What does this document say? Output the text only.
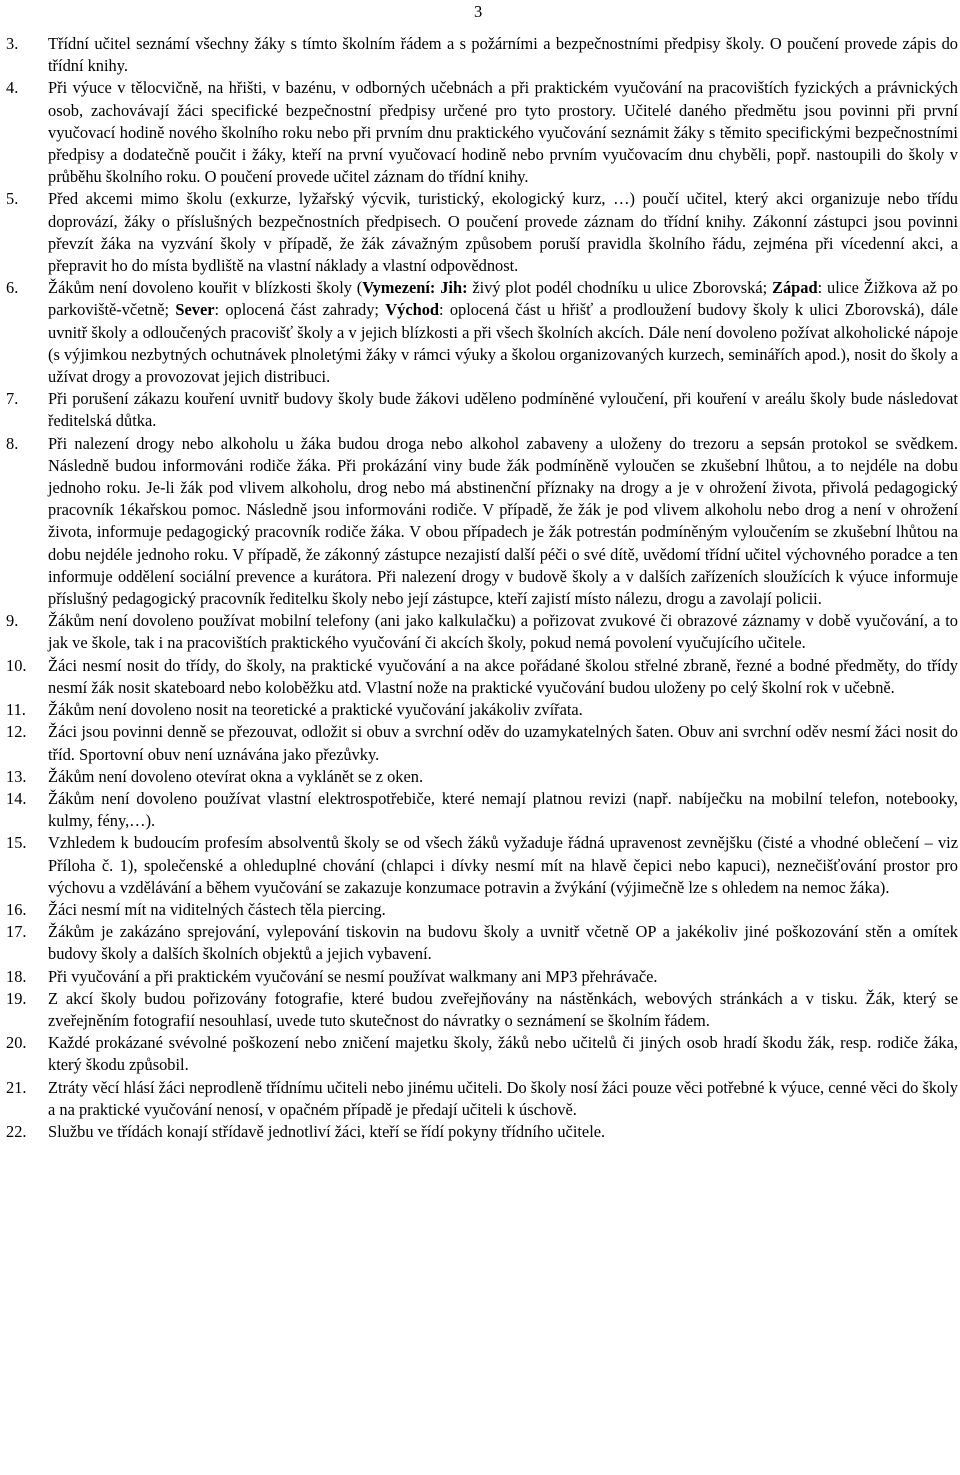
3
3.	Třídní učitel seznámí všechny žáky s tímto školním řádem a s požárními a bezpečnostními předpisy školy. O poučení provede zápis do třídní knihy.
4.	Při výuce v tělocvičně, na hřišti, v bazénu, v odborných učebnách a při praktickém vyučování na pracovištích fyzických a právnických osob, zachovávají žáci specifické bezpečnostní předpisy určené pro tyto prostory. Učitelé daného předmětu jsou povinni při první vyučovací hodině nového školního roku nebo při prvním dnu praktického vyučování seznámit žáky s těmito specifickými bezpečnostními předpisy a dodatečně poučit i žáky, kteří na první vyučovací hodině nebo prvním vyučovacím dnu chyběli, popř. nastoupili do školy v průběhu školního roku. O poučení provede učitel záznam do třídní knihy.
5.	Před akcemi mimo školu (exkurze, lyžařský výcvik, turistický, ekologický kurz, …) poučí učitel, který akci organizuje nebo třídu doprovází, žáky o příslušných bezpečnostních předpisech. O poučení provede záznam do třídní knihy. Zákonní zástupci jsou povinni převzít žáka na vyzvání školy v případě, že žák závažným způsobem poruší pravidla školního řádu, zejména při vícedenní akci, a přepravit ho do místa bydliště na vlastní náklady a vlastní odpovědnost.
6.	Žákům není dovoleno kouřit v blízkosti školy (Vymezení: Jih: živý plot podél chodníku u ulice Zborovská; Západ: ulice Žižkova až po parkoviště-včetně; Sever: oplocená část zahrady; Východ: oplocená část u hřišť a prodloužení budovy školy k ulici Zborovská), dále uvnitř školy a odloučených pracovišť školy a v jejich blízkosti a při všech školních akcích. Dále není dovoleno požívat alkoholické nápoje (s výjimkou nezbytných ochutnávek plnoletými žáky v rámci výuky a školou organizovaných kurzech, seminářích apod.), nosit do školy a užívat drogy a provozovat jejich distribuci.
7.	Při porušení zákazu kouření uvnitř budovy školy bude žákovi uděleno podmíněné vyloučení, při kouření v areálu školy bude následovat ředitelská důtka.
8.	Při nalezení drogy nebo alkoholu u žáka budou droga nebo alkohol zabaveny a uloženy do trezoru a sepsán protokol se svědkem. Následně budou informováni rodiče žáka. Při prokázání viny bude žák podmíněně vyloučen se zkušební lhůtou, a to nejdéle na dobu jednoho roku. Je-li žák pod vlivem alkoholu, drog nebo má abstinenční příznaky na drogy a je v ohrožení života, přivolá pedagogický pracovník 1ékařskou pomoc. Následně jsou informováni rodiče. V případě, že žák je pod vlivem alkoholu nebo drog a není v ohrožení života, informuje pedagogický pracovník rodiče žáka. V obou případech je žák potrestán podmíněným vyloučením se zkušební lhůtou na dobu nejdéle jednoho roku. V případě, že zákonný zástupce nezajistí další péči o své dítě, uvědomí třídní učitel výchovného poradce a ten informuje oddělení sociální prevence a kurátora. Při nalezení drogy v budově školy a v dalších zařízeních sloužících k výuce informuje příslušný pedagogický pracovník ředitelku školy nebo její zástupce, kteří zajistí místo nálezu, drogu a zavolají policii.
9.	Žákům není dovoleno používat mobilní telefony (ani jako kalkulačku) a pořizovat zvukové či obrazové záznamy v době vyučování, a to jak ve škole, tak i na pracovištích praktického vyučování či akcích školy, pokud nemá povolení vyučujícího učitele.
10.	Žáci nesmí nosit do třídy, do školy, na praktické vyučování a na akce pořádané školou střelné zbraně, řezné a bodné předměty, do třídy nesmí žák nosit skateboard nebo koloběžku atd. Vlastní nože na praktické vyučování budou uloženy po celý školní rok v učebně.
11.	Žákům není dovoleno nosit na teoretické a praktické vyučování jakákoliv zvířata.
12.	Žáci jsou povinni denně se přezouvat, odložit si obuv a svrchní oděv do uzamykatelných šaten. Obuv ani svrchní oděv nesmí žáci nosit do tříd. Sportovní obuv není uznávána jako přezůvky.
13.	Žákům není dovoleno otevírat okna a vyklánět se z oken.
14.	Žákům není dovoleno používat vlastní elektrospotřebiče, které nemají platnou revizi (např. nabíječku na mobilní telefon, notebooky, kulmy, fény,…).
15.	Vzhledem k budoucím profesím absolventů školy se od všech žáků vyžaduje řádná upravenost zevnějšku (čisté a vhodné oblečení – viz Příloha č. 1), společenské a ohleduplné chování (chlapci i dívky nesmí mít na hlavě čepici nebo kapuci), neznečišťování prostor pro výchovu a vzdělávání a během vyučování se zakazuje konzumace potravin a žvýkání (výjimečně lze s ohledem na nemoc žáka).
16.	Žáci nesmí mít na viditelných částech těla piercing.
17.	Žákům je zakázáno sprejování, vylepování tiskovin na budovu školy a uvnitř včetně OP a jakékoliv jiné poškozování stěn a omítek budovy školy a dalších školních objektů a jejich vybavení.
18.	Při vyučování a při praktickém vyučování se nesmí používat walkmany ani MP3 přehrávače.
19.	Z akcí školy budou pořizovány fotografie, které budou zveřejňovány na nástěnkách, webových stránkách a v tisku. Žák, který se zveřejněním fotografií nesouhlasí, uvede tuto skutečnost do návratky o seznámení se školním řádem.
20.	Každé prokázané svévolné poškození nebo zničení majetku školy, žáků nebo učitelů či jiných osob hradí škodu žák, resp. rodiče žáka, který škodu způsobil.
21.	Ztráty věcí hlásí žáci neprodleně třídnímu učiteli nebo jinému učiteli. Do školy nosí žáci pouze věci potřebné k výuce, cenné věci do školy a na praktické vyučování nenosí, v opačném případě je předají učiteli k úschově.
22.	Službu ve třídách konají střídavě jednotliví žáci, kteří se řídí pokyny třídního učitele.
